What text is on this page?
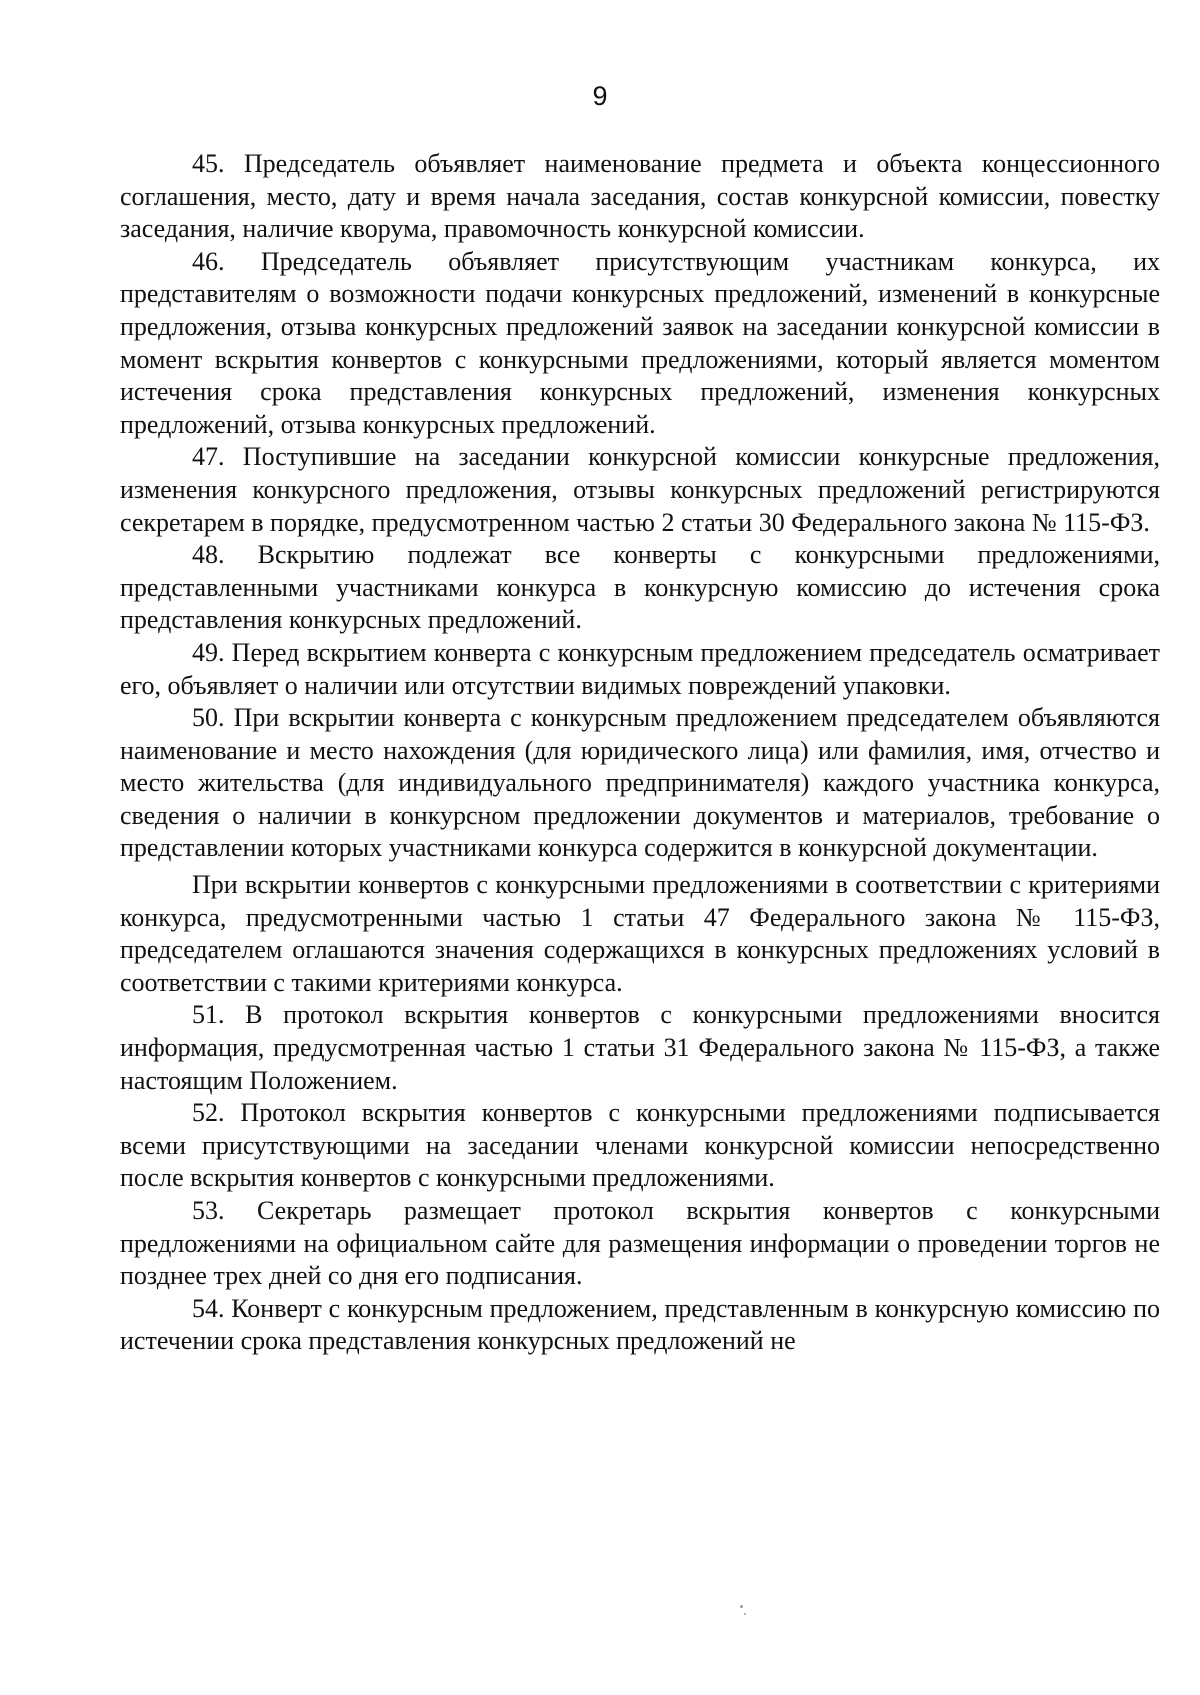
9

45. Председатель объявляет наименование предмета и объекта концессионного соглашения, место, дату и время начала заседания, состав конкурсной комиссии, повестку заседания, наличие кворума, правомочность конкурсной комиссии.

46. Председатель объявляет присутствующим участникам конкурса, их представителям о возможности подачи конкурсных предложений, изменений в конкурсные предложения, отзыва конкурсных предложений заявок на заседании конкурсной комиссии в момент вскрытия конвертов с конкурсными предложениями, который является моментом истечения срока представления конкурсных предложений, изменения конкурсных предложений, отзыва конкурсных предложений.

47. Поступившие на заседании конкурсной комиссии конкурсные предложения, изменения конкурсного предложения, отзывы конкурсных предложений регистрируются секретарем в порядке, предусмотренном частью 2 статьи 30 Федерального закона № 115-ФЗ.

48. Вскрытию подлежат все конверты с конкурсными предложениями, представленными участниками конкурса в конкурсную комиссию до истечения срока представления конкурсных предложений.

49. Перед вскрытием конверта с конкурсным предложением председатель осматривает его, объявляет о наличии или отсутствии видимых повреждений упаковки.

50. При вскрытии конверта с конкурсным предложением председателем объявляются наименование и место нахождения (для юридического лица) или фамилия, имя, отчество и место жительства (для индивидуального предпринимателя) каждого участника конкурса, сведения о наличии в конкурсном предложении документов и материалов, требование о представлении которых участниками конкурса содержится в конкурсной документации.

При вскрытии конвертов с конкурсными предложениями в соответствии с критериями конкурса, предусмотренными частью 1 статьи 47 Федерального закона № 115-ФЗ, председателем оглашаются значения содержащихся в конкурсных предложениях условий в соответствии с такими критериями конкурса.

51. В протокол вскрытия конвертов с конкурсными предложениями вносится информация, предусмотренная частью 1 статьи 31 Федерального закона № 115-ФЗ, а также настоящим Положением.

52. Протокол вскрытия конвертов с конкурсными предложениями подписывается всеми присутствующими на заседании членами конкурсной комиссии непосредственно после вскрытия конвертов с конкурсными предложениями.

53. Секретарь размещает протокол вскрытия конвертов с конкурсными предложениями на официальном сайте для размещения информации о проведении торгов не позднее трех дней со дня его подписания.

54. Конверт с конкурсным предложением, представленным в конкурсную комиссию по истечении срока представления конкурсных предложений не
